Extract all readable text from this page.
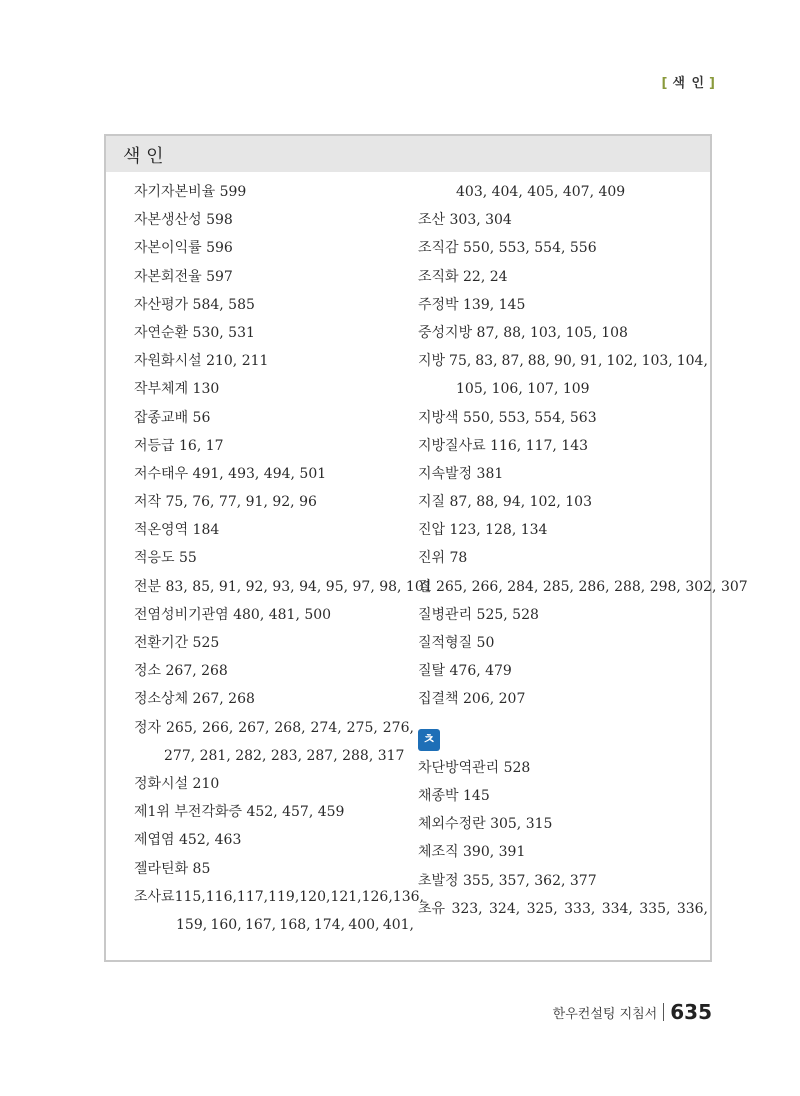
[ 색 인 ]
색 인
자기자본비율 599
자본생산성 598
자본이익률 596
자본회전율 597
자산평가 584, 585
자연순환 530, 531
자원화시설 210, 211
작부체계 130
잡종교배 56
저등급 16, 17
저수태우 491, 493, 494, 501
저작 75, 76, 77, 91, 92, 96
적온영역 184
적응도 55
전분 83, 85, 91, 92, 93, 94, 95, 97, 98, 101
전염성비기관염 480, 481, 500
전환기간 525
정소 267, 268
정소상체 267, 268
정자 265, 266, 267, 268, 274, 275, 276,
277, 281, 282, 283, 287, 288, 317
정화시설 210
제1위 부전각화증 452, 457, 459
제엽염 452, 463
젤라틴화 85
조사료 115, 116, 117, 119, 120, 121, 126, 136,
159, 160, 167, 168, 174, 400, 401,
403, 404, 405, 407, 409
조산 303, 304
조직감 550, 553, 554, 556
조직화 22, 24
주정박 139, 145
중성지방 87, 88, 103, 105, 108
지방 75, 83, 87, 88, 90, 91, 102, 103, 104,
105, 106, 107, 109
지방색 550, 553, 554, 563
지방질사료 116, 117, 143
지속발정 381
지질 87, 88, 94, 102, 103
진압 123, 128, 134
진위 78
질 265, 266, 284, 285, 286, 288, 298, 302, 307
질병관리 525, 528
질적형질 50
질탈 476, 479
집결책 206, 207
ㅊ
차단방역관리 528
채종박 145
체외수정란 305, 315
체조직 390, 391
초발정 355, 357, 362, 377
초유 323, 324, 325, 333, 334, 335, 336,
한우컨설팅 지침서 635
